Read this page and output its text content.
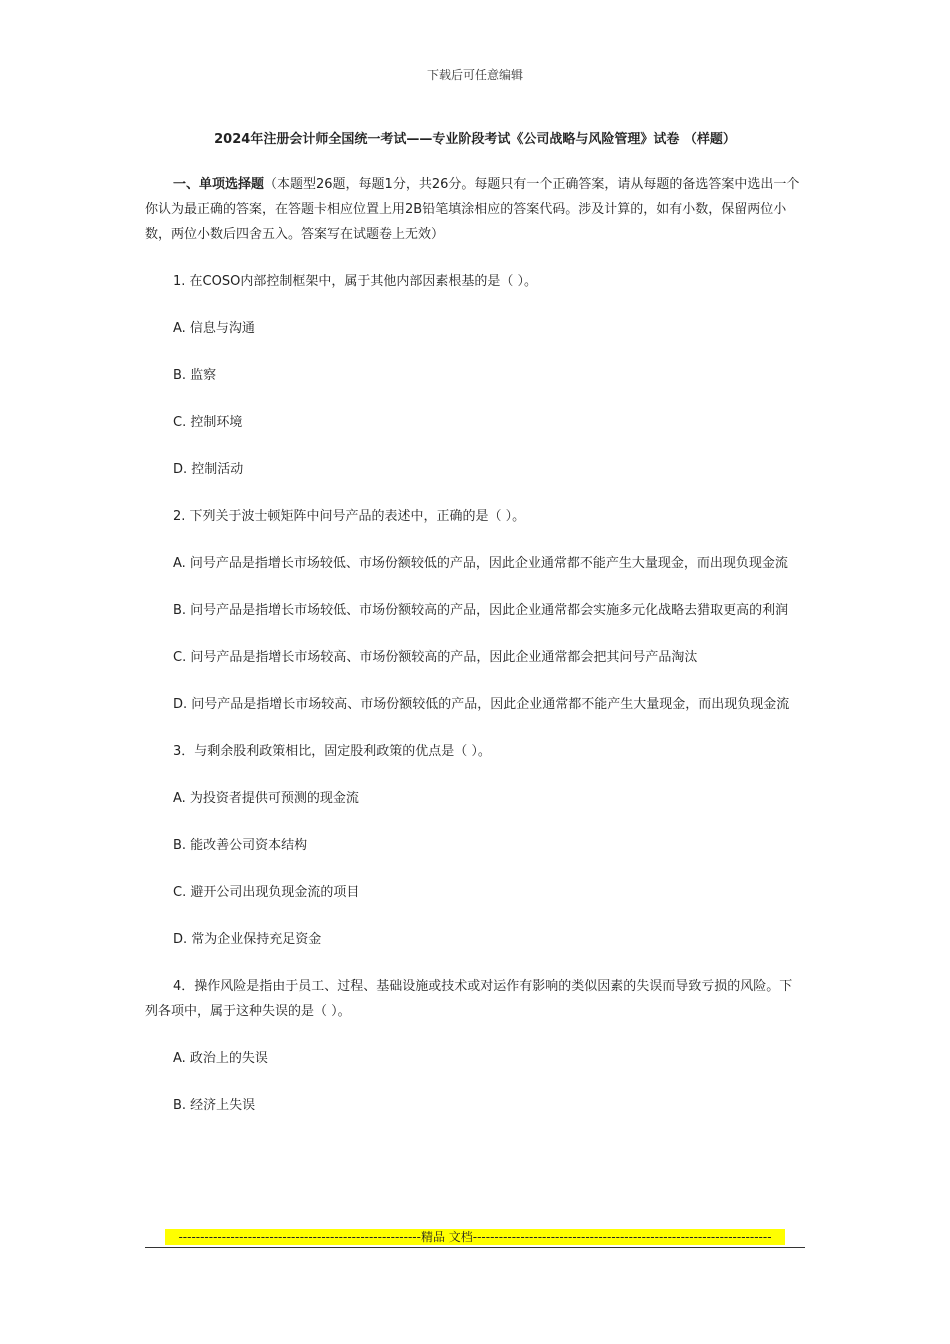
下载后可任意编辑
2024年注册会计师全国统一考试——专业阶段考试《公司战略与风险管理》试卷 （样题）

一、单项选择题（本题型26题，每题1分，共26分。每题只有一个正确答案，请从每题的备选答案中选出一个你认为最正确的答案，在答题卡相应位置上用2B铅笔填涂相应的答案代码。涉及计算的，如有小数，保留两位小数，两位小数后四舍五入。答案写在试题卷上无效）

1. 在COSO内部控制框架中，属于其他内部因素根基的是（ ）。

A. 信息与沟通

B. 监察

C. 控制环境

D. 控制活动

2. 下列关于波士顿矩阵中问号产品的表述中，正确的是（ ）。

A. 问号产品是指增长市场较低、市场份额较低的产品，因此企业通常都不能产生大量现金，而出现负现金流

B. 问号产品是指增长市场较低、市场份额较高的产品，因此企业通常都会实施多元化战略去猎取更高的利润

C. 问号产品是指增长市场较高、市场份额较高的产品，因此企业通常都会把其问号产品淘汰

D. 问号产品是指增长市场较高、市场份额较低的产品，因此企业通常都不能产生大量现金，而出现负现金流

3．与剩余股利政策相比，固定股利政策的优点是（ ）。

A. 为投资者提供可预测的现金流

B. 能改善公司资本结构

C. 避开公司出现负现金流的项目

D. 常为企业保持充足资金

4．操作风险是指由于员工、过程、基础设施或技术或对运作有影响的类似因素的失误而导致亏损的风险。下列各项中，属于这种失误的是（ ）。

A. 政治上的失误

B. 经济上失误

--------------------------------------------------------精品 文档---------------------------------------------------------------------
